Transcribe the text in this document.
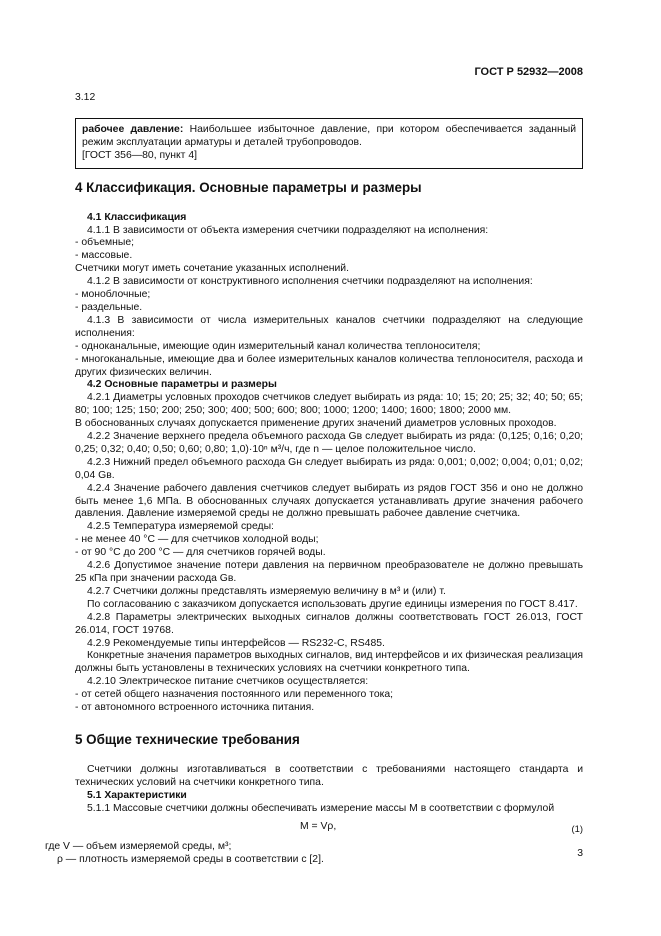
ГОСТ Р 52932—2008
3.12

рабочее давление: Наибольшее избыточное давление, при котором обеспечивается заданный режим эксплуатации арматуры и деталей трубопроводов.

[ГОСТ 356—80, пункт 4]

4 Классификация. Основные параметры и размеры
4.1 Классификация

4.1.1 В зависимости от объекта измерения счетчики подразделяют на исполнения:

- объемные;

- массовые.

Счетчики могут иметь сочетание указанных исполнений.

4.1.2 В зависимости от конструктивного исполнения счетчики подразделяют на исполнения:

- моноблочные;

- раздельные.

4.1.3 В зависимости от числа измерительных каналов счетчики подразделяют на следующие исполнения:

- одноканальные, имеющие один измерительный канал количества теплоносителя;

- многоканальные, имеющие два и более измерительных каналов количества теплоносителя, расхода и других физических величин.

4.2 Основные параметры и размеры

4.2.1 Диаметры условных проходов счетчиков следует выбирать из ряда: 10; 15; 20; 25; 32; 40; 50; 65; 80; 100; 125; 150; 200; 250; 300; 400; 500; 600; 800; 1000; 1200; 1400; 1600; 1800; 2000 мм.

В обоснованных случаях допускается применение других значений диаметров условных проходов.

4.2.2 Значение верхнего предела объемного расхода Gв следует выбирать из ряда: (0,125; 0,16; 0,20; 0,25; 0,32; 0,40; 0,50; 0,60; 0,80; 1,0)·10ⁿ м³/ч, где n — целое положительное число.

4.2.3 Нижний предел объемного расхода Gн следует выбирать из ряда: 0,001; 0,002; 0,004; 0,01; 0,02; 0,04 Gв.

4.2.4 Значение рабочего давления счетчиков следует выбирать из рядов ГОСТ 356 и оно не должно быть менее 1,6 МПа. В обоснованных случаях допускается устанавливать другие значения рабочего давления. Давление измеряемой среды не должно превышать рабочее давление счетчика.

4.2.5 Температура измеряемой среды:

- не менее 40 °С — для счетчиков холодной воды;

- от 90 °С до 200 °С — для счетчиков горячей воды.

4.2.6 Допустимое значение потери давления на первичном преобразователе не должно превышать 25 кПа при значении расхода Gв.

4.2.7 Счетчики должны представлять измеряемую величину в м³ и (или) т.

По согласованию с заказчиком допускается использовать другие единицы измерения по ГОСТ 8.417.

4.2.8 Параметры электрических выходных сигналов должны соответствовать ГОСТ 26.013, ГОСТ 26.014, ГОСТ 19768.

4.2.9 Рекомендуемые типы интерфейсов — RS232-С, RS485.

Конкретные значения параметров выходных сигналов, вид интерфейсов и их физическая реализация должны быть установлены в технических условиях на счетчики конкретного типа.

4.2.10 Электрическое питание счетчиков осуществляется:

- от сетей общего назначения постоянного или переменного тока;

- от автономного встроенного источника питания.

5 Общие технические требования

Счетчики должны изготавливаться в соответствии с требованиями настоящего стандарта и технических условий на счетчики конкретного типа.

5.1 Характеристики

5.1.1 Массовые счетчики должны обеспечивать измерение массы M в соответствии с формулой

M = Vρ,	(1)

где V — объем измеряемой среды, м³;

ρ — плотность измеряемой среды в соответствии с [2].	3
